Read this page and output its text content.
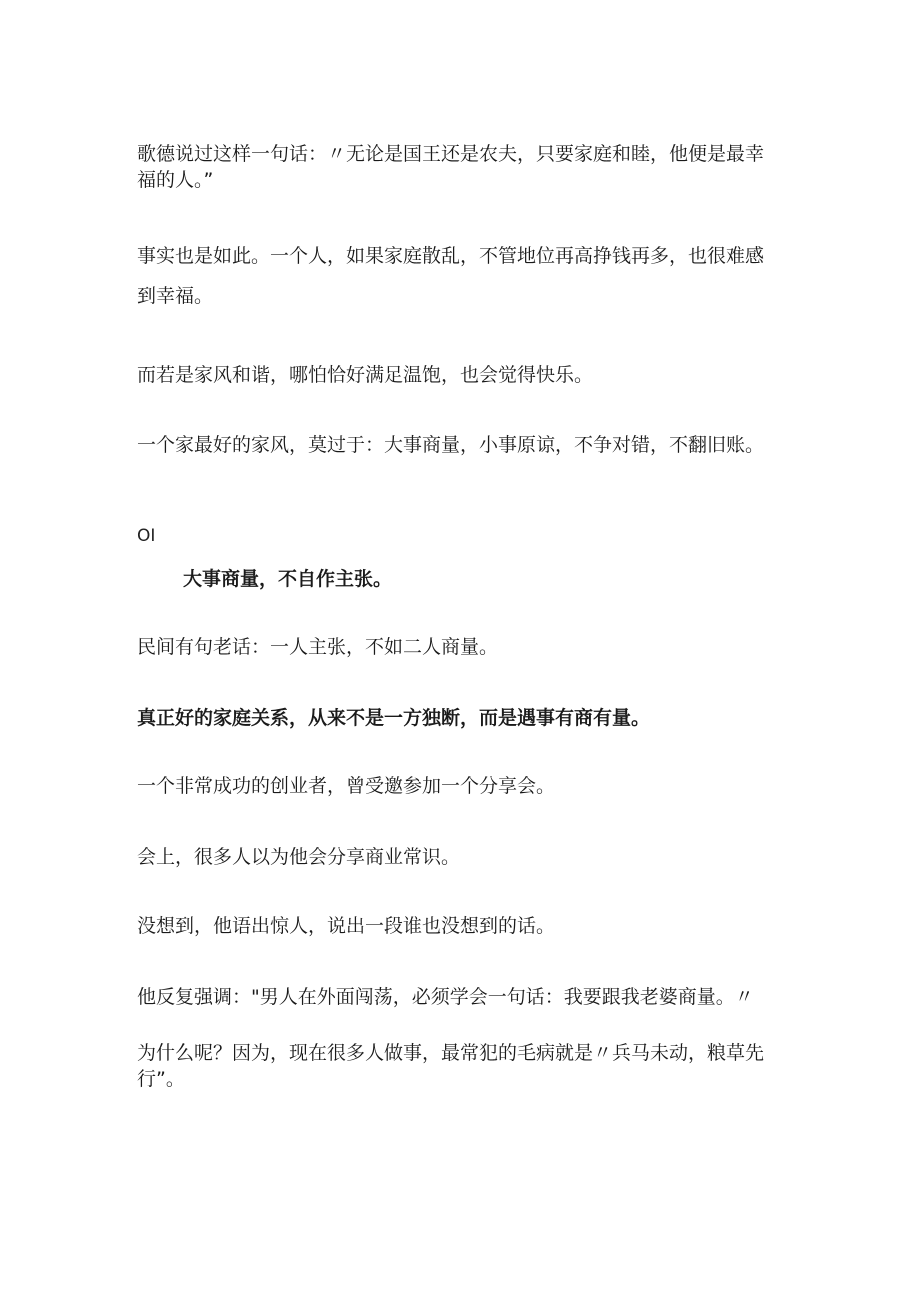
歌德说过这样一句话：〃无论是国王还是农夫，只要家庭和睦，他便是最幸福的人。”

事实也是如此。一个人，如果家庭散乱，不管地位再高挣钱再多，也很难感到幸福。

而若是家风和谐，哪怕恰好满足温饱，也会觉得快乐。

一个家最好的家风，莫过于：大事商量，小事原谅，不争对错，不翻旧账。

OI

大事商量，不自作主张。

民间有句老话：一人主张，不如二人商量。

真正好的家庭关系，从来不是一方独断，而是遇事有商有量。

一个非常成功的创业者，曾受邀参加一个分享会。

会上，很多人以为他会分享商业常识。

没想到，他语出惊人，说出一段谁也没想到的话。

他反复强调："男人在外面闯荡，必须学会一句话：我要跟我老婆商量。〃

为什么呢？因为，现在很多人做事，最常犯的毛病就是〃兵马未动，粮草先行”。
